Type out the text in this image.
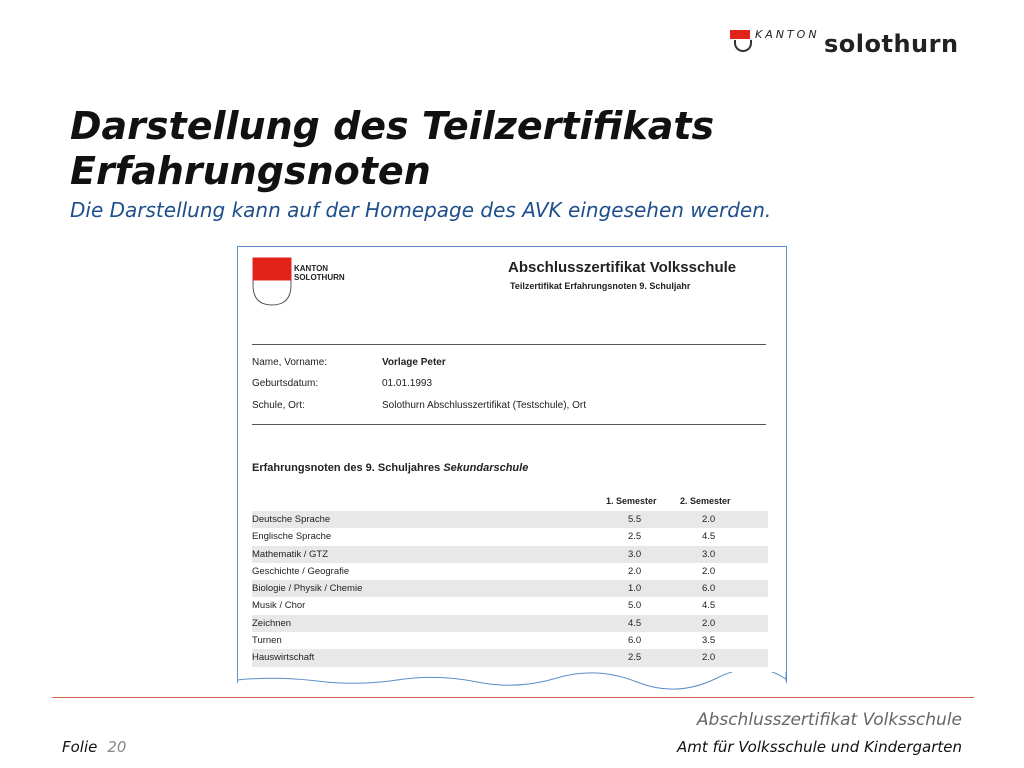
KANTON solothurn
Darstellung des Teilzertifikats Erfahrungsnoten
Die Darstellung kann auf der Homepage des AVK eingesehen werden.
KANTON
SOLOTHURN
Abschlusszertifikat Volksschule
Teilzertifikat Erfahrungsnoten 9. Schuljahr
Name, Vorname:	Vorlage Peter
Geburtsdatum:	01.01.1993
Schule, Ort:	Solothurn Abschlusszertifikat (Testschule), Ort
Erfahrungsnoten des 9. Schuljahres Sekundarschule
1. Semester	2. Semester
Deutsche Sprache	5.5	2.0
Englische Sprache	2.5	4.5
Mathematik / GTZ	3.0	3.0
Geschichte / Geografie	2.0	2.0
Biologie / Physik / Chemie	1.0	6.0
Musik / Chor	5.0	4.5
Zeichnen	4.5	2.0
Turnen	6.0	3.5
Hauswirtschaft	2.5	2.0
Abschlusszertifikat Volksschule
Amt für Volksschule und Kindergarten
Folie 20
